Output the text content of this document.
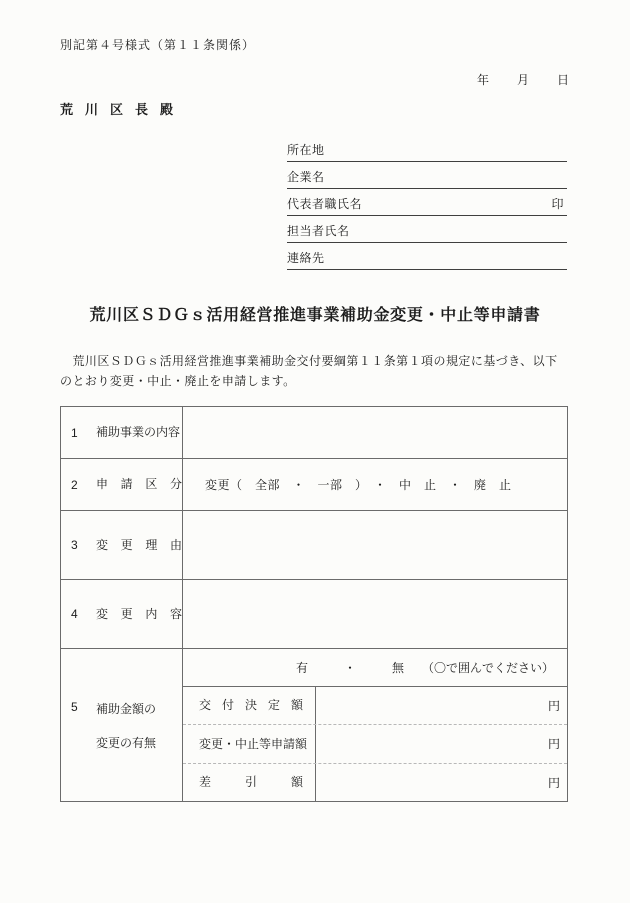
別記第４号様式（第１１条関係）
年 月 日
荒川区長殿
所在地
企業名
代表者職氏名	印
担当者氏名
連絡先
荒川区ＳＤＧｓ活用経営推進事業補助金変更・中止等申請書
　荒川区ＳＤＧｓ活用経営推進事業補助金交付要綱第１１条第１項の規定に基づき、以下
のとおり変更・中止・廃止を申請します。
1	補助事業の内容
2	申請区分	変更（　全部　・　一部　）　・　中　止　・　廃　止
3	変更理由
4	変更内容
5	補助金額の
変更の有無
有　　　・　　　無　　（〇で囲んでください）
交付決定額	円
変更・中止等申請額	円
差引額	円
